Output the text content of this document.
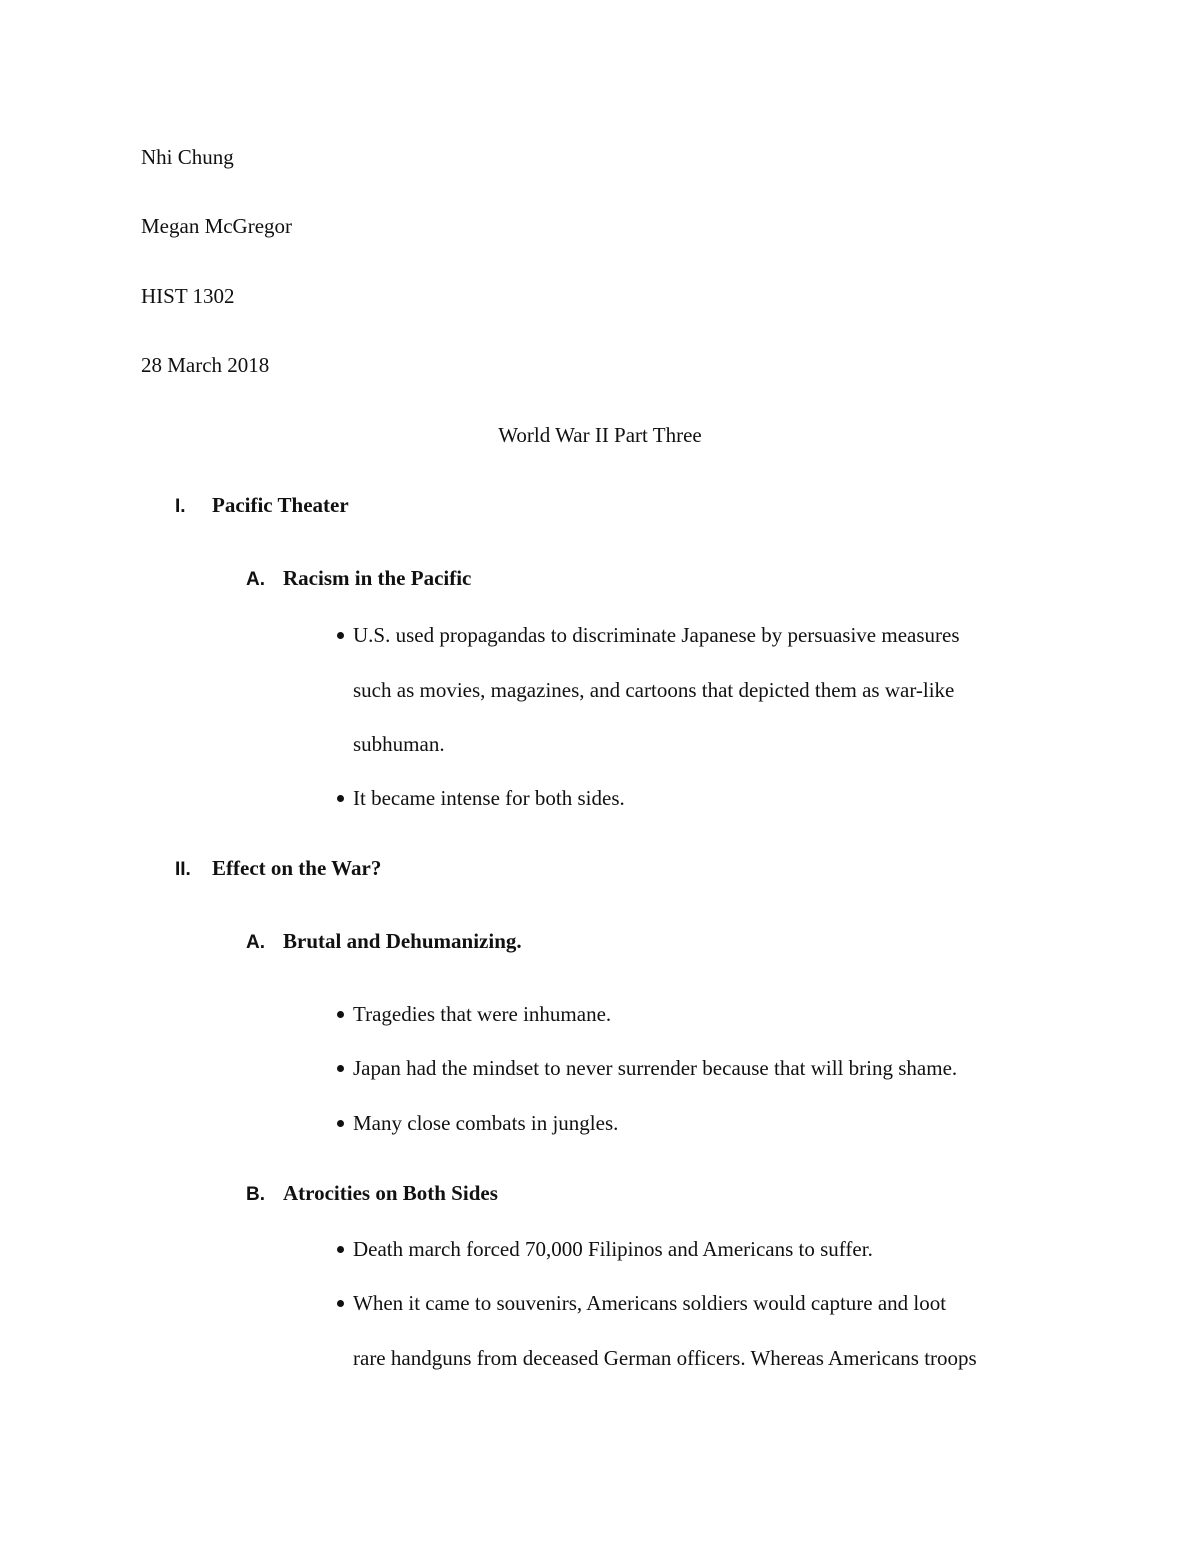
Nhi Chung
Megan McGregor
HIST 1302
28 March 2018
World War II Part Three
I. Pacific Theater
A. Racism in the Pacific
U.S. used propagandas to discriminate Japanese by persuasive measures
such as movies, magazines, and cartoons that depicted them as war-like
subhuman.
It became intense for both sides.
II. Effect on the War?
A. Brutal and Dehumanizing.
Tragedies that were inhumane.
Japan had the mindset to never surrender because that will bring shame.
Many close combats in jungles.
B. Atrocities on Both Sides
Death march forced 70,000 Filipinos and Americans to suffer.
When it came to souvenirs, Americans soldiers would capture and loot
rare handguns from deceased German officers. Whereas Americans troops
